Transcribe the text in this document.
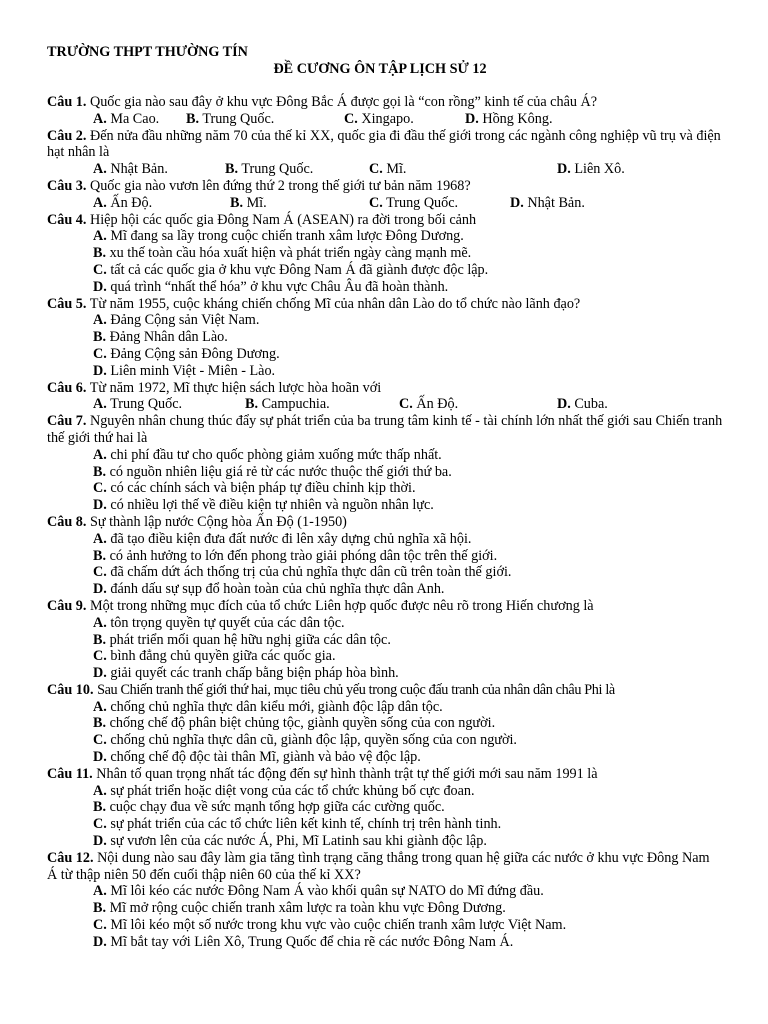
TRƯỜNG THPT THƯỜNG TÍN
ĐỀ CƯƠNG ÔN TẬP LỊCH SỬ 12
Câu 1. Quốc gia nào sau đây ở khu vực Đông Bắc Á được gọi là “con rồng” kinh tế của châu Á?
A. Ma Cao. B. Trung Quốc.	C. Xingapo.	D. Hồng Kông.
Câu 2. Đến nửa đầu những năm 70 của thế kỉ XX, quốc gia đi đầu thế giới trong các ngành công nghiệp vũ trụ và điện hạt nhân là
A. Nhật Bản.	B. Trung Quốc.	C. Mĩ.	D. Liên Xô.
Câu 3. Quốc gia nào vươn lên đứng thứ 2 trong thế giới tư bản năm 1968?
A. Ấn Độ.	B. Mĩ.	C. Trung Quốc.	D. Nhật Bản.
Câu 4. Hiệp hội các quốc gia Đông Nam Á (ASEAN) ra đời trong bối cảnh
A. Mĩ đang sa lầy trong cuộc chiến tranh xâm lược Đông Dương.
B. xu thế toàn cầu hóa xuất hiện và phát triển ngày càng mạnh mẽ.
C. tất cả các quốc gia ở khu vực Đông Nam Á đã giành được độc lập.
D. quá trình “nhất thể hóa” ở khu vực Châu Âu đã hoàn thành.
Câu 5. Từ năm 1955, cuộc kháng chiến chống Mĩ của nhân dân Lào do tổ chức nào lãnh đạo?
A. Đảng Cộng sản Việt Nam.
B. Đảng Nhân dân Lào.
C. Đảng Cộng sản Đông Dương.
D. Liên minh Việt - Miên - Lào.
Câu 6. Từ năm 1972, Mĩ thực hiện sách lược hòa hoãn với
A. Trung Quốc.	B. Campuchia.	C. Ấn Độ.	D. Cuba.
Câu 7. Nguyên nhân chung thúc đẩy sự phát triển của ba trung tâm kinh tế - tài chính lớn nhất thế giới sau Chiến tranh thế giới thứ hai là
A. chi phí đầu tư cho quốc phòng giảm xuống mức thấp nhất.
B. có nguồn nhiên liệu giá rẻ từ các nước thuộc thế giới thứ ba.
C. có các chính sách và biện pháp tự điều chỉnh kịp thời.
D. có nhiều lợi thế về điều kiện tự nhiên và nguồn nhân lực.
Câu 8. Sự thành lập nước Cộng hòa Ấn Độ (1-1950)
A. đã tạo điều kiện đưa đất nước đi lên xây dựng chủ nghĩa xã hội.
B. có ảnh hưởng to lớn đến phong trào giải phóng dân tộc trên thế giới.
C. đã chấm dứt ách thống trị của chủ nghĩa thực dân cũ trên toàn thế giới.
D. đánh dấu sự sụp đổ hoàn toàn của chủ nghĩa thực dân Anh.
Câu 9. Một trong những mục đích của tổ chức Liên hợp quốc được nêu rõ trong Hiến chương là
A. tôn trọng quyền tự quyết của các dân tộc.
B. phát triển mối quan hệ hữu nghị giữa các dân tộc.
C. bình đẳng chủ quyền giữa các quốc gia.
D. giải quyết các tranh chấp bằng biện pháp hòa bình.
Câu 10. Sau Chiến tranh thế giới thứ hai, mục tiêu chủ yếu trong cuộc đấu tranh của nhân dân châu Phi là
A. chống chủ nghĩa thực dân kiểu mới, giành độc lập dân tộc.
B. chống chế độ phân biệt chủng tộc, giành quyền sống của con người.
C. chống chủ nghĩa thực dân cũ, giành độc lập, quyền sống của con người.
D. chống chế độ độc tài thân Mĩ, giành và bảo vệ độc lập.
Câu 11. Nhân tố quan trọng nhất tác động đến sự hình thành trật tự thế giới mới sau năm 1991 là
A. sự phát triển hoặc diệt vong của các tổ chức khủng bố cực đoan.
B. cuộc chạy đua về sức mạnh tổng hợp giữa các cường quốc.
C. sự phát triển của các tổ chức liên kết kinh tế, chính trị trên hành tinh.
D. sự vươn lên của các nước Á, Phi, Mĩ Latinh sau khi giành độc lập.
Câu 12. Nội dung nào sau đây làm gia tăng tình trạng căng thẳng trong quan hệ giữa các nước ở khu vực Đông Nam Á từ thập niên 50 đến cuối thập niên 60 của thế kỉ XX?
A. Mĩ lôi kéo các nước Đông Nam Á vào khối quân sự NATO do Mĩ đứng đầu.
B. Mĩ mở rộng cuộc chiến tranh xâm lược ra toàn khu vực Đông Dương.
C. Mĩ lôi kéo một số nước trong khu vực vào cuộc chiến tranh xâm lược Việt Nam.
D. Mĩ bắt tay với Liên Xô, Trung Quốc để chia rẽ các nước Đông Nam Á.
